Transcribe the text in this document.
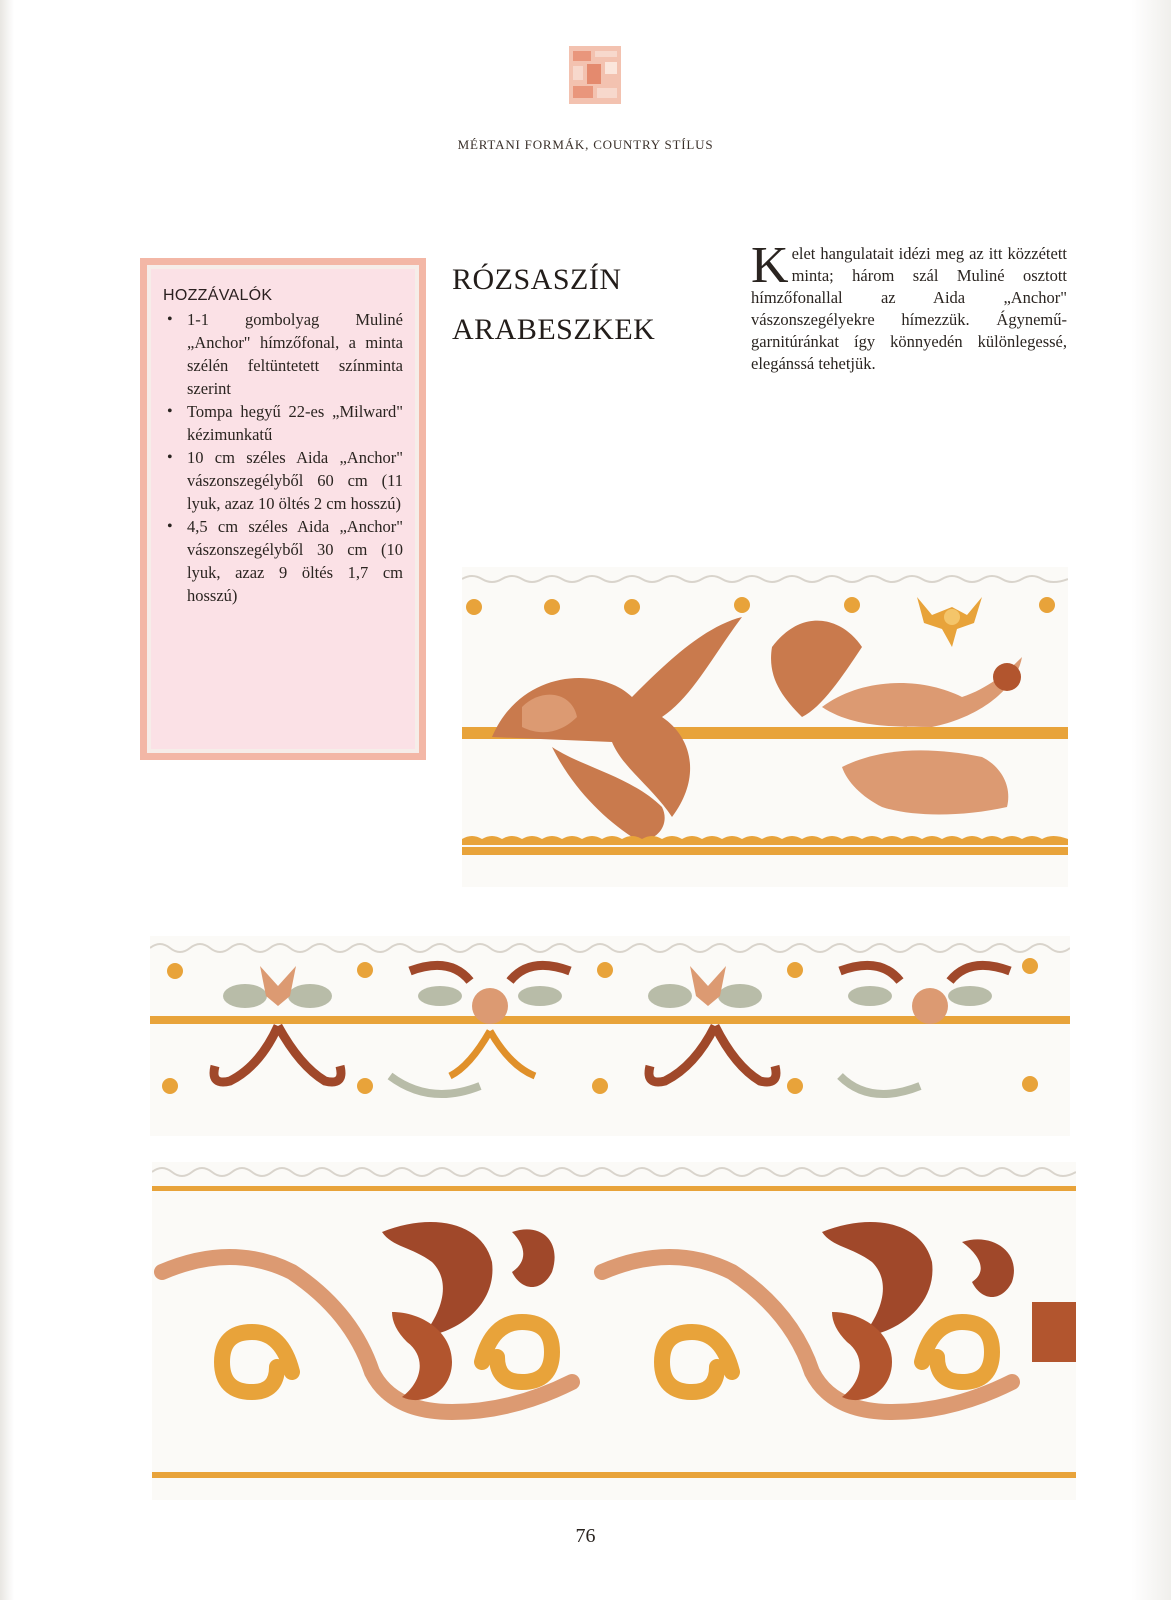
MÉRTANI FORMÁK, COUNTRY STÍLUS
HOZZÁVALÓK
• 1-1 gombolyag Muliné „Anchor" hímzőfonal, a minta szélén feltüntetett színminta szerint
• Tompa hegyű 22-es „Milward" kézimunkatű
• 10 cm széles Aida „Anchor" vászonszegélyből 60 cm (11 lyuk, azaz 10 öltés 2 cm hosszú)
• 4,5 cm széles Aida „Anchor" vászonszegélyből 30 cm (10 lyuk, azaz 9 öltés 1,7 cm hosszú)
RÓZSASZÍN
ARABESZKEK
Kelet hangulatait idézi meg az itt közzétett minta; három szál Muliné osztott hímzőfonallal az Aida „Anchor" vászonszegélyekre hímezzük. Ágynemű-garnitúránkat így könnyedén különlegessé, elegánssá tehetjük.
76
